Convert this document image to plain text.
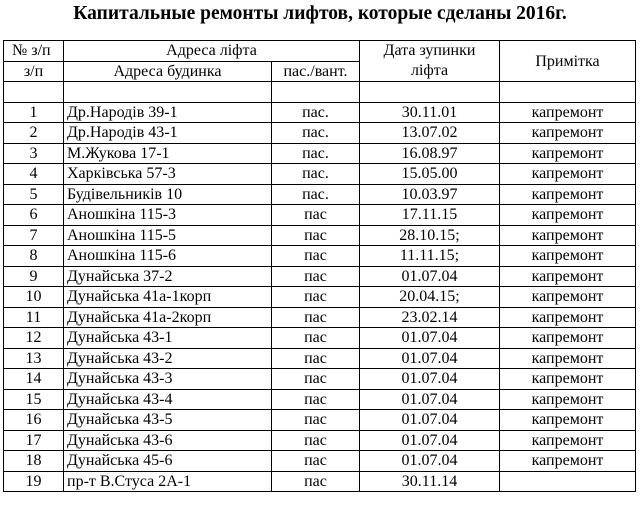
Капитальные ремонты лифтов, которые сделаны 2016г.
№ з/п	Адреса ліфта		Дата зупинки
ліфта	Примітка
з/п	Адреса будинка	пас./вант.		

1	Др.Народів 39-1	пас.	30.11.01	капремонт
2	Др.Народів 43-1	пас.	13.07.02	капремонт
3	М.Жукова 17-1	пас.	16.08.97	капремонт
4	Харківська 57-3	пас.	15.05.00	капремонт
5	Будівельників 10	пас.	10.03.97	капремонт
6	Аношкіна 115-3	пас	17.11.15	капремонт
7	Аношкіна 115-5	пас	28.10.15;	капремонт
8	Аношкіна 115-6	пас	11.11.15;	капремонт
9	Дунайська 37-2	пас	01.07.04	капремонт
10	Дунайська 41а-1корп	пас	20.04.15;	капремонт
11	Дунайська 41а-2корп	пас	23.02.14	капремонт
12	Дунайська 43-1	пас	01.07.04	капремонт
13	Дунайська 43-2	пас	01.07.04	капремонт
14	Дунайська 43-3	пас	01.07.04	капремонт
15	Дунайська 43-4	пас	01.07.04	капремонт
16	Дунайська 43-5	пас	01.07.04	капремонт
17	Дунайська 43-6	пас	01.07.04	капремонт
18	Дунайська 45-6	пас	01.07.04	капремонт
19	пр-т В.Стуса 2А-1	пас	30.11.14	
